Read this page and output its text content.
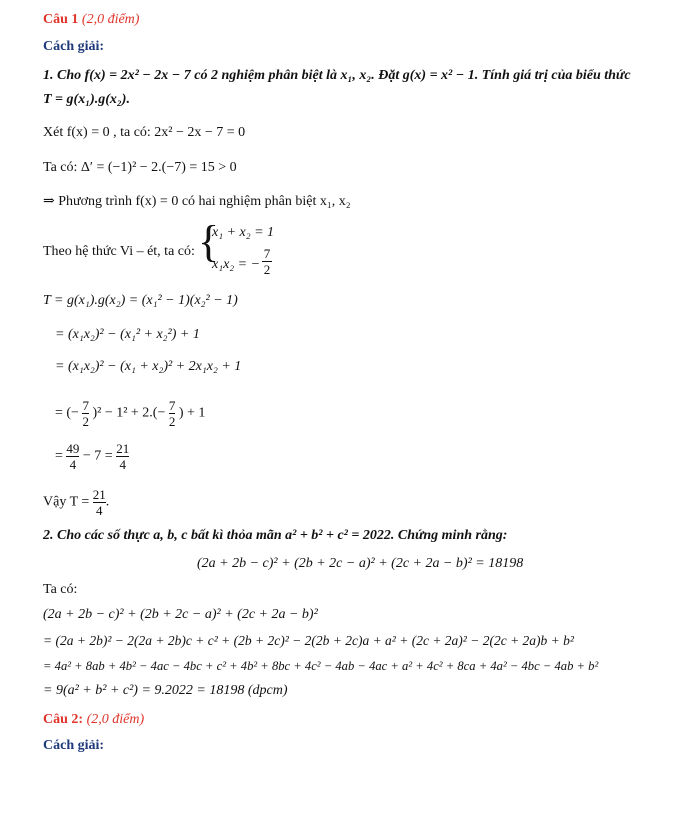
Câu 1 (2,0 điểm)
Cách giải:
1. Cho f(x) = 2x² − 2x − 7 có 2 nghiệm phân biệt là x₁, x₂. Đặt g(x) = x² − 1. Tính giá trị của biểu thức
T = g(x₁).g(x₂).
Xét f(x) = 0 , ta có: 2x² − 2x − 7 = 0
Ta có: Δ′ = (−1)² − 2.(−7) = 15 > 0
⇒ Phương trình f(x) = 0 có hai nghiệm phân biệt x₁, x₂
Theo hệ thức Vi – ét, ta có: {
x₁ + x₂ = 1
x₁x₂ = − $\frac{7}{2}$
T = g(x₁).g(x₂) = (x₁² − 1)(x₂² − 1)
= (x₁x₂)² − (x₁² + x₂²) + 1
= (x₁x₂)² − (x₁ + x₂)² + 2x₁x₂ + 1
= (− $\frac{7}{2} )^2 - 1^2 + 2.(- \frac{7}{2}$ ) + 1
= $\frac{49}{4} - 7 = \frac{21}{4}$
Vậy $T = \frac{21}{4}$ .
2. Cho các số thực a, b, c bất kì thỏa mãn a² + b² + c² = 2022. Chứng minh rằng:
(2a + 2b − c)² + (2b + 2c − a)² + (2c + 2a − b)² = 18198
Ta có:
(2a + 2b − c)² + (2b + 2c − a)² + (2c + 2a − b)²
= (2a + 2b)² − 2(2a + 2b)c + c² + (2b + 2c)² − 2(2b + 2c)a + a² + (2c + 2a)² − 2(2c + 2a)b + b²
= 4a² + 8ab + 4b² − 4ac − 4bc + c² + 4b² + 8bc + 4c² − 4ab − 4ac + a² + 4c² + 8ca + 4a² − 4bc − 4ab + b²
= 9(a² + b² + c²) = 9.2022 = 18198 (dpcm)
Câu 2: (2,0 điểm)
Cách giải:
